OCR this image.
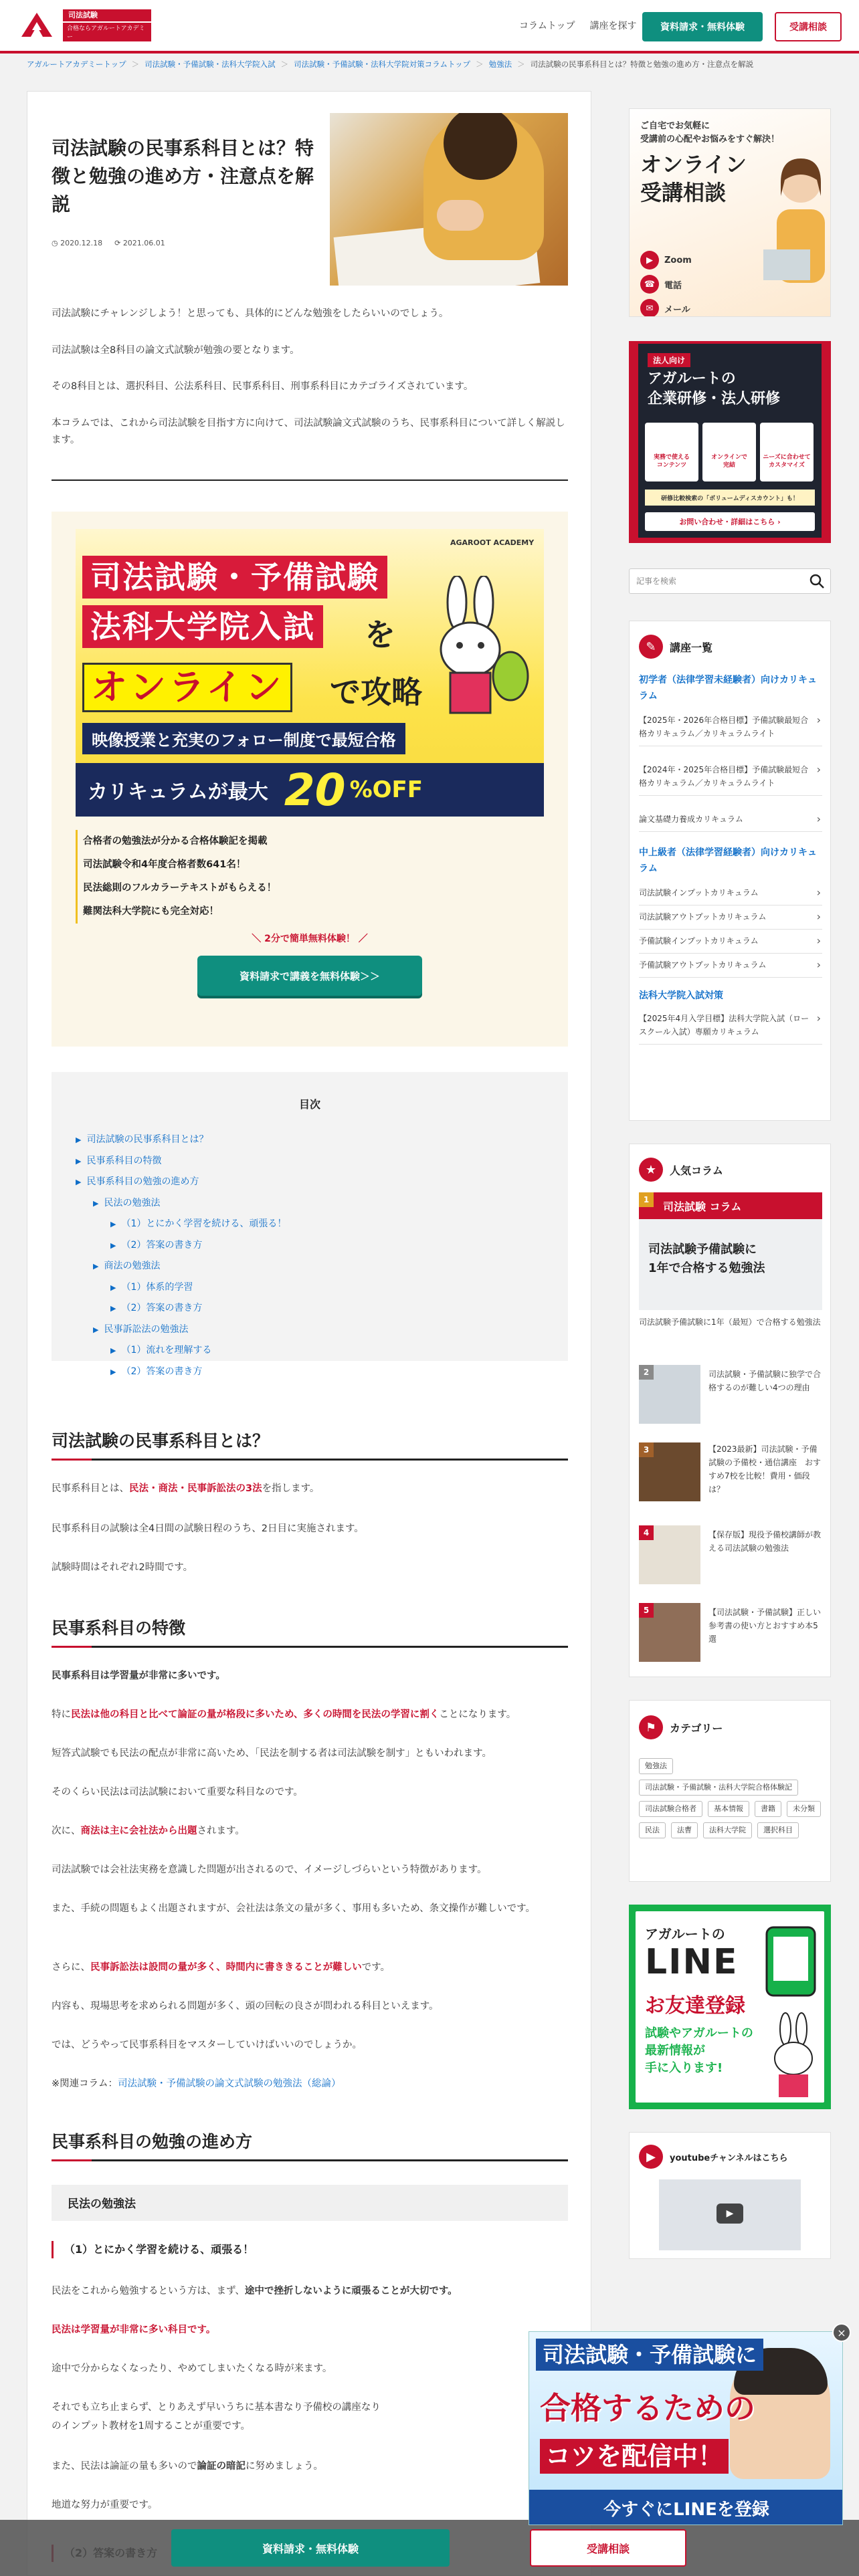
司法試験
合格ならアガルートアカデミー
コラムトップ 講座を探す	資料請求・無料体験	受講相談
アガルートアカデミートップ ＞ 司法試験・予備試験・法科大学院入試 ＞ 司法試験・予備試験・法科大学院対策コラムトップ ＞ 勉強法 ＞ 司法試験の民事系科目とは？特徴と勉強の進め方・注意点を解説
司法試験の民事系科目とは？特徴と勉強の進め方・注意点を解説
◷ 2020.12.18 ⟳ 2021.06.01

司法試験にチャレンジしよう！と思っても、具体的にどんな勉強をしたらいいのでしょう。

司法試験は全8科目の論文式試験が勉強の要となります。

その8科目とは、選択科目、公法系科目、民事系科目、刑事系科目にカテゴライズされています。

本コラムでは、これから司法試験を目指す方に向けて、司法試験論文式試験のうち、民事系科目について詳しく解説します。

AGAROOT ACADEMY
司法試験・予備試験
法科大学院入試 を
オンライン で攻略
映像授業と充実のフォロー制度で最短合格
カリキュラムが最大 20 %OFF
合格者の勉強法が分かる合格体験記を掲載
司法試験令和4年度合格者数641名！
民法総則のフルカラーテキストがもらえる！
難関法科大学院にも完全対応！
＼ 2分で簡単無料体験！ ／
資料請求で講義を無料体験＞＞
目次
▶ 司法試験の民事系科目とは？
▶ 民事系科目の特徴
▶ 民事系科目の勉強の進め方
▶ 民法の勉強法
▶ （1）とにかく学習を続ける、頑張る！
▶ （2）答案の書き方
▶ 商法の勉強法
▶ （1）体系的学習
▶ （2）答案の書き方
▶ 民事訴訟法の勉強法
▶ （1）流れを理解する
▶ （2）答案の書き方
司法試験の民事系科目とは？

民事系科目とは、民法・商法・民事訴訟法の3法を指します。

民事系科目の試験は全4日間の試験日程のうち、2日目に実施されます。

試験時間はそれぞれ2時間です。

民事系科目の特徴

民事系科目は学習量が非常に多いです。

特に民法は他の科目と比べて論証の量が格段に多いため、多くの時間を民法の学習に割くことになります。

短答式試験でも民法の配点が非常に高いため、「民法を制する者は司法試験を制す」ともいわれます。

そのくらい民法は司法試験において重要な科目なのです。

次に、商法は主に会社法から出題されます。

司法試験では会社法実務を意識した問題が出されるので、イメージしづらいという特徴があります。

また、手続の問題もよく出題されますが、会社法は条文の量が多く、事用も多いため、条文操作が難しいです。

さらに、民事訴訟法は設問の量が多く、時間内に書ききることが難しいです。

内容も、現場思考を求められる問題が多く、頭の回転の良さが問われる科目といえます。

では、どうやって民事系科目をマスターしていけばいいのでしょうか。

※関連コラム：司法試験・予備試験の論文式試験の勉強法（総論）

民事系科目の勉強の進め方
民法の勉強法
（1）とにかく学習を続ける、頑張る！

民法をこれから勉強するという方は、まず、途中で挫折しないように頑張ることが大切です。

民法は学習量が非常に多い科目です。

途中で分からなくなったり、やめてしまいたくなる時が来ます。

それでも立ち止まらず、とりあえず早いうちに基本書なり予備校の講座なりのインプット教材を1周することが重要です。

また、民法は論証の量も多いので論証の暗記に努めましょう。

地道な努力が重要です。

ご自宅でお気軽に
受講前の心配やお悩みをすぐ解決！
オンライン
受講相談
▶	Zoom
☎	電話
✉	メール
法人向け
アガルートの
企業研修・法人研修
実務で使える
コンテンツ
オンラインで
完結
ニーズに合わせて
カスタマイズ
研修比較検索の「ボリュームディスカウント」も！
お問い合わせ・詳細はこちら ›
記事を検索
✎	講座一覧
初学者（法律学習未経験者）向けカリキュラム
【2025年・2026年合格目標】予備試験最短合格カリキュラム／カリキュラムライト ›
【2024年・2025年合格目標】予備試験最短合格カリキュラム／カリキュラムライト ›
論文基礎力養成カリキュラム ›
中上級者（法律学習経験者）向けカリキュラム
司法試験インプットカリキュラム ›
司法試験アウトプットカリキュラム ›
予備試験インプットカリキュラム ›
予備試験アウトプットカリキュラム ›
法科大学院入試対策
【2025年4月入学目標】法科大学院入試（ロースクール入試）専願カリキュラム ›
★	人気コラム
司法試験 コラム
1
司法試験予備試験に
1年で合格する勉強法
司法試験予備試験に1年（最短）で合格する勉強法
2	司法試験・予備試験に独学で合格するのが難しい4つの理由
3	【2023最新】司法試験・予備試験の予備校・通信講座　おすすめ7校を比較！費用・価段は？
4	【保存版】現役予備校講師が教える司法試験の勉強法
5	【司法試験・予備試験】正しい参考書の使い方とおすすめ本5選
⚑	カテゴリー
勉強法
司法試験・予備試験・法科大学院合格体験記
司法試験合格者	基本情報	書籍	未分類
民法	法曹	法科大学院	選択科目
アガルートの
LINE
お友達登録
試験やアガルートの
最新情報が
手に入ります!
▶	youtubeチャンネルはこちら
▶
資料請求・無料体験	受講相談
司法試験・予備試験に
合格するための
コツを配信中！
今すぐにLINEを登録
×
